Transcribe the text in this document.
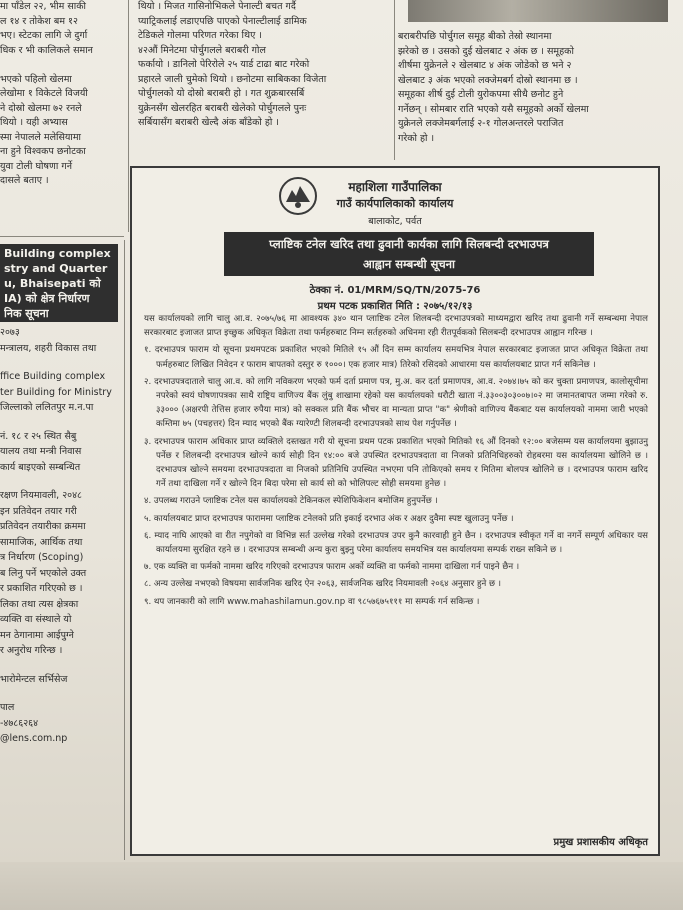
मा पाँडेल २२, भीम साकी

ल १४ र तोकेश बम १२

भए। स्टेटका लागि जे दुर्गा

धिक र भी कालिकले समान

भएको पहिलो खेलमा

लेखोमा १ विकेटले विजयी

ने दोस्रो खेलमा ७२ रनले

थियो । यही अभ्यास

स्मा नेपालले मलेसियामा

ना हुने विश्वकप छनोटका

युवा टोली घोषणा गर्ने

दासले बताए ।

थियो । मिजत गासिनोभिकले पेनाल्टी बचत गर्दै

प्याट्रिकलाई लडाएपछि पाएको पेनाल्टीलाई डामिक

टेडिकले गोलमा परिणत गरेका थिए ।

४२औं मिनेटमा पोर्चुगलले बराबरी गोल

फर्कायो । डानिलो पेरिरोले २५ यार्ड टाढा बाट गरेको

प्रहारले जाली चुमेको थियो । छनोटमा साबिकका विजेता

पोर्चुगलको यो दोस्रो बराबरी हो । गत शुक्रबारसर्बि

युक्रेनसँग खेलरहित बराबरी खेलेको पोर्चुगलले पुनः

सर्बियासँग बराबरी खेल्दै अंक बाँडेको हो ।

बराबरीपछि पोर्चुगल समूह बीको तेस्रो स्थानमा

झरेको छ । उसको दुई खेलबाट २ अंक छ । समूहको

शीर्षमा युक्रेनले २ खेलबाट ४ अंक जोडेको छ भने २

खेलबाट ३ अंक भएको लक्जेमबर्ग दोस्रो स्थानमा छ ।

समूहका शीर्ष दुई टोली युरोकपमा सीधै छनोट हुने

गर्नेछन् । सोमबार राति भएको यसै समूहको अर्को खेलमा

युक्रेनले लक्जेमबर्गलाई २-१ गोलअन्तरले पराजित

गरेको हो ।

Building complex

stry and Quarter

u, Bhaisepati को

IA) को क्षेत्र निर्धारण

निक सूचना

२०७३

मन्त्रालय, शहरी विकास तथा

ffice Building complex

ter Building for Ministry

जिल्लाको ललितपुर म.न.पा

नं. १८ र २५ स्थित सैबु

यालय तथा मन्त्री निवास

कार्य बाइएको सम्बन्धित

रक्षण नियमावली, २०४८

इन प्रतिवेदन तयार गरी

प्रतिवेदन तयारीका क्रममा

सामाजिक, आर्थिक तथा

त्र निर्धारण (Scoping)

ब लिनु पर्ने भएकोले उक्त

र प्रकाशित गरिएको छ ।

लिका तथा त्यस क्षेत्रका

व्यक्ति वा संस्थाले यो

मन ठेगानामा आईपुग्ने

र अनुरोध गरिन्छ ।

भारोमेन्टल सर्भिसेज

पाल

-४७८६२६४

@lens.com.np

महाशिला गाउँपालिका
गाउँ कार्यपालिकाको कार्यालय
बालाकोट, पर्वत

प्लाष्टिक टनेल खरिद तथा ढुवानी कार्यका लागि सिलबन्दी दरभाउपत्र

आह्वान सम्बन्धी सूचना

ठेक्का नं. 01/MRM/SQ/TN/2075-76
प्रथम पटक प्रकाशित मिति : २०७५/१२/१३

यस कार्यालयको लागि चालु आ.व. २०७५/७६ मा आवश्यक ३४० थान प्लाष्टिक टनेल शिलबन्दी दरभाउपत्रको माध्यमद्वारा खरिद तथा ढुवानी गर्ने सम्बन्धमा नेपाल सरकारबाट इजाजत प्राप्त इच्छुक अधिकृत विक्रेता तथा फर्महरुबाट निम्न सर्तहरुको अधिनमा रही रीतपूर्वकको सिलबन्दी दरभाउपत्र आह्वान गरिन्छ ।

१. दरभाउपत्र फाराम यो सूचना प्रथमपटक प्रकाशित भएको मितिले १५ औं दिन सम्म कार्यालय समयभित्र नेपाल सरकारबाट इजाजत प्राप्त अधिकृत विक्रेता तथा फर्महरुबाट लिखित निवेदन र फाराम बापतको दस्तुर रु १०००। एक हजार मात्र) तिरेको रसिदको आधारमा यस कार्यालयबाट प्राप्त गर्न सकिनेछ ।

२. दरभाउपत्रदाताले चालु आ.व. को लागि नविकरण भएको फर्म दर्ता प्रमाण पत्र, मु.अ. कर दर्ता प्रमाणपत्र, आ.व. २०७४।७५ को कर चुक्ता प्रमाणपत्र, कालोसूचीमा नपरेको स्वयं घोषणापत्रका साथै राष्ट्रिय वाणिज्य बैंक लुंबु शाखामा रहेको यस कार्यालयको धरौटी खाता नं.३३००३०३००७।०२ मा जमानतबापत जम्मा गरेको रु. ३३००० (अक्षरपी तेत्तिस हजार रुपैया मात्र) को सक्कल प्रति बैंक भौचर वा मान्यता प्राप्त "क" श्रेणीको वाणिज्य बैंकबाट यस कार्यालयको नाममा जारी भएको कम्तिमा ७५ (पचहत्तर) दिन म्याद भएको बैंक ग्यारेण्टी शिलबन्दी दरभाउपत्रको साथ पेश गर्नुपर्नेछ ।

३. दरभाउपत्र फाराम अधिकार प्राप्त व्यक्तिले दस्तखत गरी यो सूचना प्रथम पटक प्रकाशित भएको मितिको १६ औं दिनको १२:०० बजेसम्म यस कार्यालयमा बुझाउनु पर्नेछ र शिलबन्दी दरभाउपत्र खोल्ने कार्य सोही दिन १४:०० बजे उपस्थित दरभाउपत्रदाता वा निजको प्रतिनिधिहरुको रोहबरमा यस कार्यालयमा खोलिने छ । दरभाउपत्र खोल्ने समयमा दरभाउपत्रदाता वा निजको प्रतिनिधि उपस्थित नभएमा पनि तोकिएको समय र मितिमा बोलपत्र खोलिने छ । दरभाउपत्र फाराम खरिद गर्ने तथा दाखिला गर्ने र खोल्ने दिन बिदा परेमा सो कार्य सो को भोलिपल्ट सोही समयमा हुनेछ ।

४. उपलब्ध गराउने प्लाष्टिक टनेल यस कार्यालयको टेकिनकल स्पेशिफिकेशन बमोजिम हुनुपर्नेछ ।

५. कार्यालयबाट प्राप्त दरभाउपत्र फाराममा प्लाष्टिक टनेलको प्रति इकाई दरभाउ अंक र अक्षर दुवैमा स्पष्ट खुलाउनु पर्नेछ ।

६. म्याद नाघि आएको वा रीत नपुगेको वा विभिन्न सर्त उल्लेख गरेको दरभाउपत्र उपर कुनै कारवाही हुने छैन । दरभाउपत्र स्वीकृत गर्ने वा नगर्ने सम्पूर्ण अधिकार यस कार्यालयमा सुरक्षित रहने छ । दरभाउपत्र सम्बन्धी अन्य कुरा बुझ्नु परेमा कार्यालय समयभित्र यस कार्यालयमा सम्पर्क राख्न सकिने छ ।

७. एक व्यक्ति वा फर्मको नाममा खरिद गरिएको दरभाउपत्र फाराम अर्को व्यक्ति वा फर्मको नाममा दाखिला गर्न पाइने छैन ।

८. अन्य उल्लेख नभएको विषयमा सार्वजनिक खरिद ऐन २०६३, सार्वजनिक खरिद नियमावली २०६४ अनुसार हुने छ ।

९. थप जानकारी को लागि www.mahashilamun.gov.np वा ९८५७६७५१११ मा सम्पर्क गर्न सकिन्छ ।

प्रमुख प्रशासकीय अधिकृत
